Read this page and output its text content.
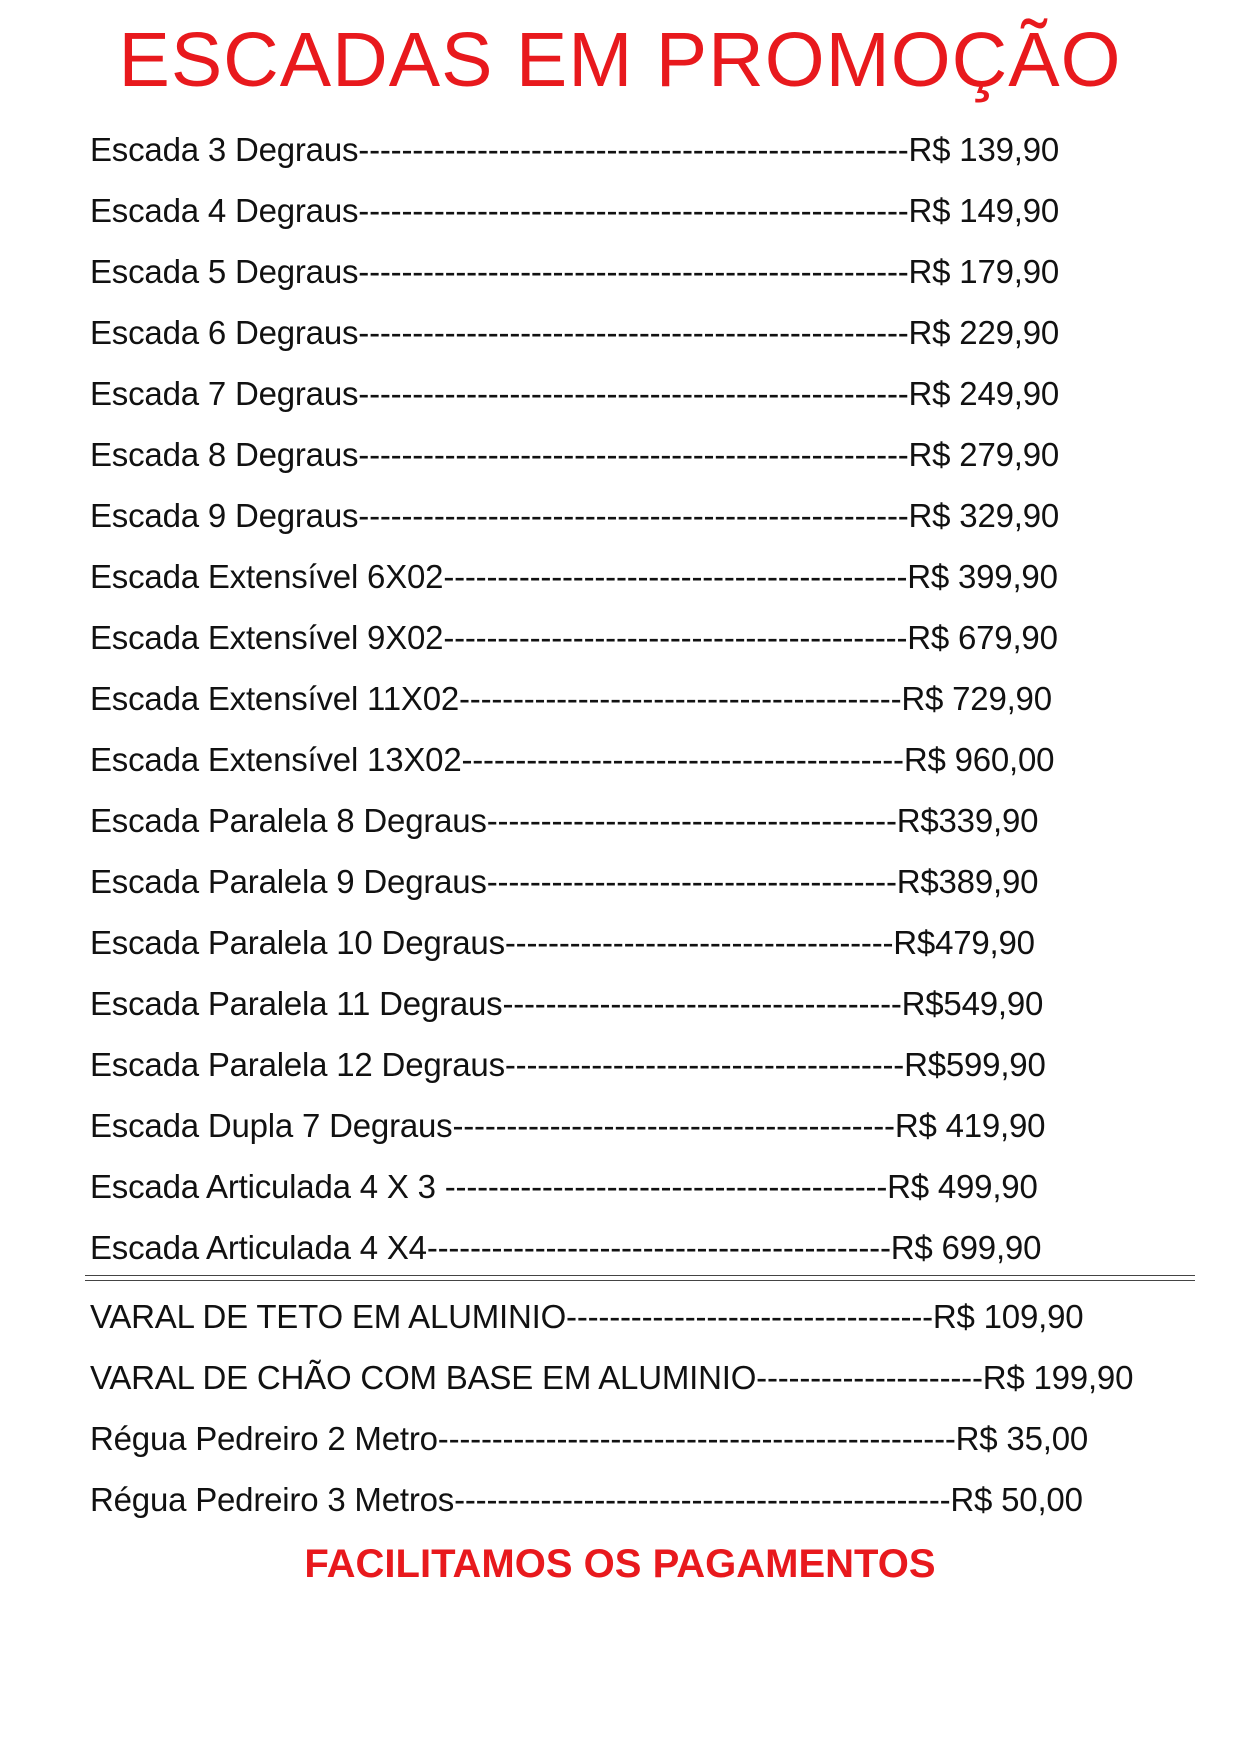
ESCADAS EM PROMOÇÃO
Escada 3 Degraus---------------------------------------------------R$ 139,90
Escada 4 Degraus---------------------------------------------------R$ 149,90
Escada 5 Degraus---------------------------------------------------R$ 179,90
Escada 6 Degraus---------------------------------------------------R$ 229,90
Escada 7 Degraus---------------------------------------------------R$ 249,90
Escada 8 Degraus---------------------------------------------------R$ 279,90
Escada 9 Degraus---------------------------------------------------R$ 329,90
Escada Extensível 6X02-------------------------------------------R$ 399,90
Escada Extensível 9X02-------------------------------------------R$ 679,90
Escada Extensível 11X02-----------------------------------------R$ 729,90
Escada Extensível 13X02-----------------------------------------R$ 960,00
Escada Paralela 8 Degraus--------------------------------------R$339,90
Escada Paralela 9 Degraus--------------------------------------R$389,90
Escada Paralela 10 Degraus------------------------------------R$479,90
Escada Paralela 11 Degraus-------------------------------------R$549,90
Escada Paralela 12 Degraus-------------------------------------R$599,90
Escada Dupla 7 Degraus-----------------------------------------R$ 419,90
Escada Articulada 4 X 3 -----------------------------------------R$ 499,90
Escada Articulada 4 X4-------------------------------------------R$ 699,90
VARAL DE TETO EM ALUMINIO----------------------------------R$ 109,90
VARAL DE CHÃO COM BASE EM ALUMINIO---------------------R$ 199,90
Régua Pedreiro 2 Metro------------------------------------------------R$ 35,00
Régua Pedreiro 3 Metros----------------------------------------------R$ 50,00
FACILITAMOS OS PAGAMENTOS
